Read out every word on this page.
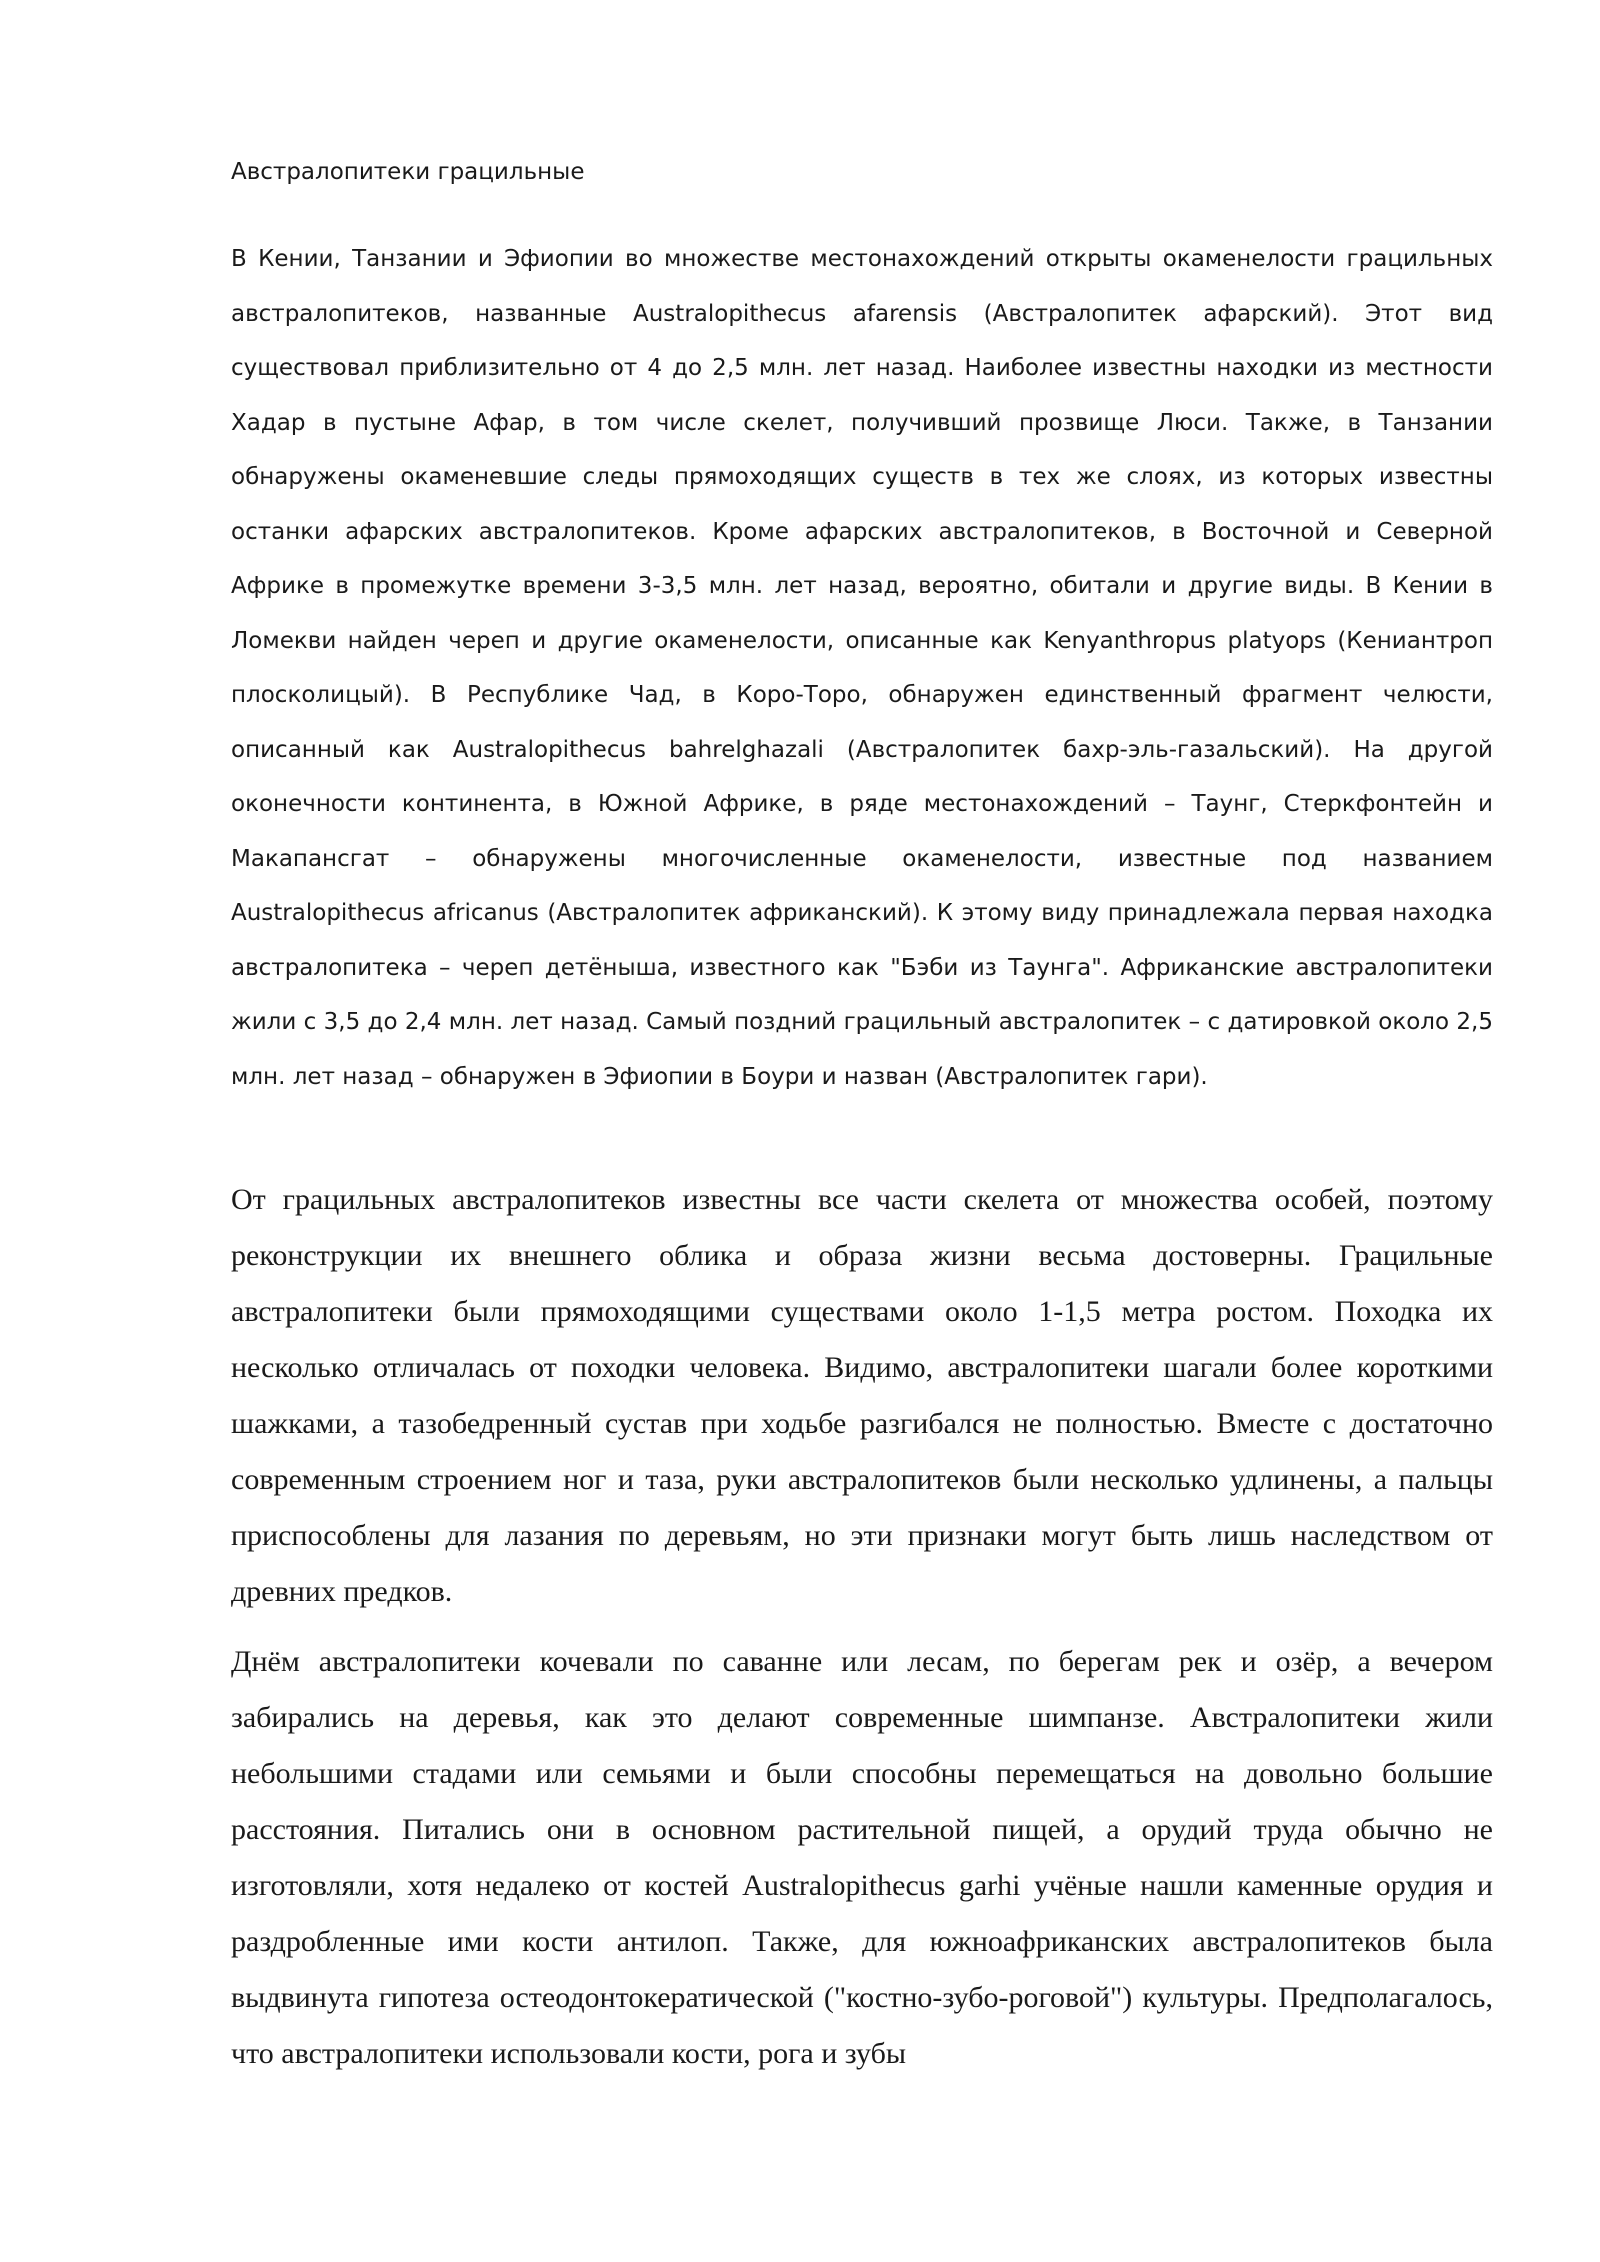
Австралопитеки грацильные

В Кении, Танзании и Эфиопии во множестве местонахождений открыты окаменелости грацильных австралопитеков, названные Australopithecus afarensis (Австралопитек афарский). Этот вид существовал приблизительно от 4 до 2,5 млн. лет назад. Наиболее известны находки из местности Хадар в пустыне Афар, в том числе скелет, получивший прозвище Люси. Также, в Танзании обнаружены окаменевшие следы прямоходящих существ в тех же слоях, из которых известны останки афарских австралопитеков. Кроме афарских австралопитеков, в Восточной и Северной Африке в промежутке времени 3-3,5 млн. лет назад, вероятно, обитали и другие виды. В Кении в Ломекви найден череп и другие окаменелости, описанные как Kenyanthropus platyops (Кениантроп плосколицый). В Республике Чад, в Коро-Торо, обнаружен единственный фрагмент челюсти, описанный как Australopithecus bahrelghazali (Австралопитек бахр-эль-газальский). На другой оконечности континента, в Южной Африке, в ряде местонахождений – Таунг, Стеркфонтейн и Макапансгат – обнаружены многочисленные окаменелости, известные под названием Australopithecus africanus (Австралопитек африканский). К этому виду принадлежала первая находка австралопитека – череп детёныша, известного как "Бэби из Таунга". Африканские австралопитеки жили с 3,5 до 2,4 млн. лет назад. Самый поздний грацильный австралопитек – с датировкой около 2,5 млн. лет назад – обнаружен в Эфиопии в Боури и назван (Австралопитек гари).

От грацильных австралопитеков известны все части скелета от множества особей, поэтому реконструкции их внешнего облика и образа жизни весьма достоверны. Грацильные австралопитеки были прямоходящими существами около 1-1,5 метра ростом. Походка их несколько отличалась от походки человека. Видимо, австралопитеки шагали более короткими шажками, а тазобедренный сустав при ходьбе разгибался не полностью. Вместе с достаточно современным строением ног и таза, руки австралопитеков были несколько удлинены, а пальцы приспособлены для лазания по деревьям, но эти признаки могут быть лишь наследством от древних предков.

Днём австралопитеки кочевали по саванне или лесам, по берегам рек и озёр, а вечером забирались на деревья, как это делают современные шимпанзе. Австралопитеки жили небольшими стадами или семьями и были способны перемещаться на довольно большие расстояния. Питались они в основном растительной пищей, а орудий труда обычно не изготовляли, хотя недалеко от костей Australopithecus garhi учёные нашли каменные орудия и раздробленные ими кости антилоп. Также, для южноафриканских австралопитеков была выдвинута гипотеза остеодонтокератической ("костно-зубо-роговой") культуры. Предполагалось, что австралопитеки использовали кости, рога и зубы
